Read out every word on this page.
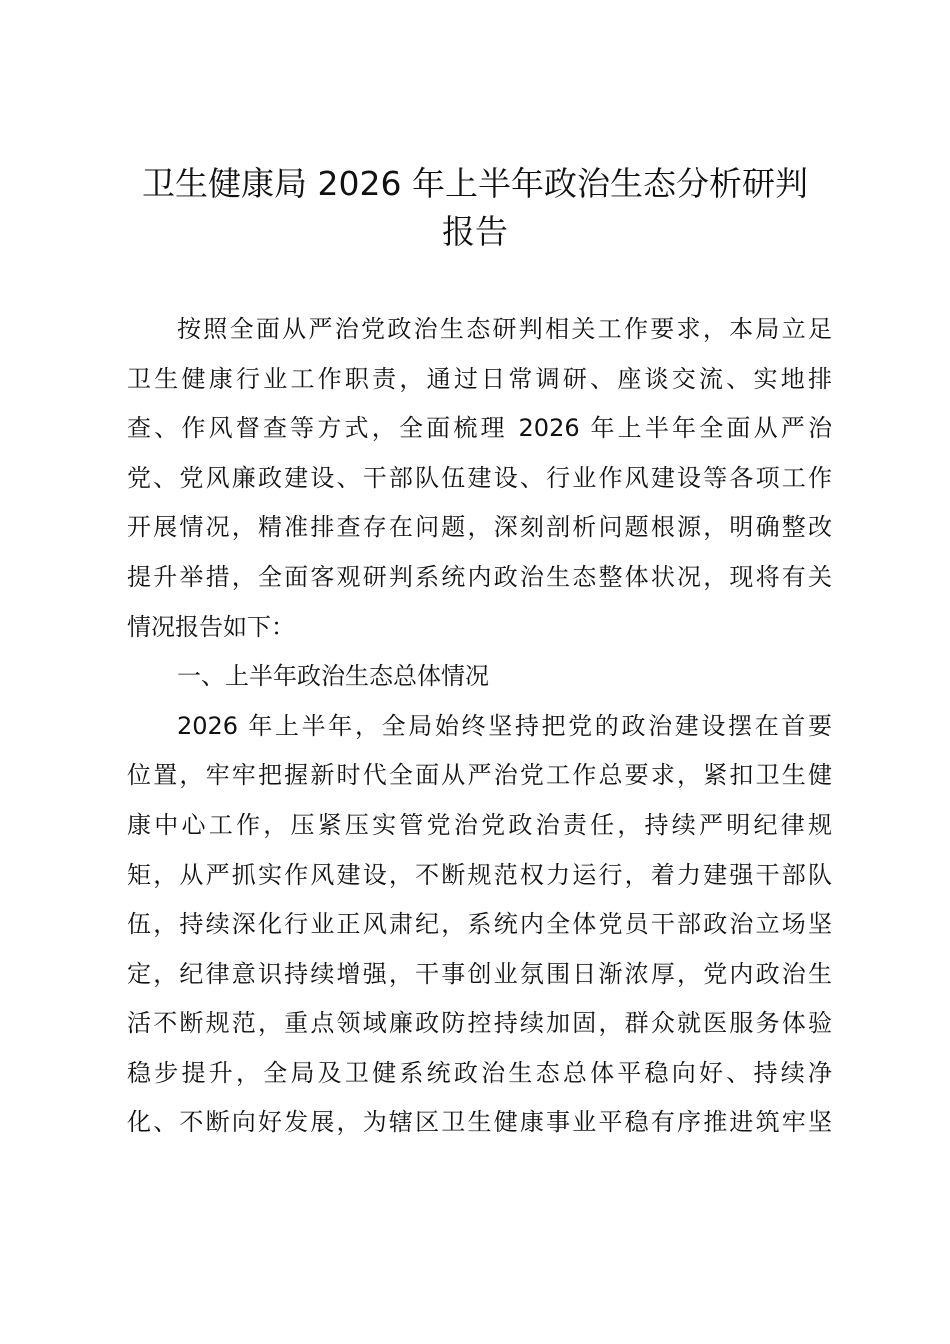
卫生健康局 2026 年上半年政治生态分析研判
报告
按照全面从严治党政治生态研判相关工作要求，本局立足
卫生健康行业工作职责，通过日常调研、座谈交流、实地排
查、作风督查等方式，全面梳理 2026 年上半年全面从严治
党、党风廉政建设、干部队伍建设、行业作风建设等各项工作
开展情况，精准排查存在问题，深刻剖析问题根源，明确整改
提升举措，全面客观研判系统内政治生态整体状况，现将有关
情况报告如下：
一、上半年政治生态总体情况
2026 年上半年，全局始终坚持把党的政治建设摆在首要
位置，牢牢把握新时代全面从严治党工作总要求，紧扣卫生健
康中心工作，压紧压实管党治党政治责任，持续严明纪律规
矩，从严抓实作风建设，不断规范权力运行，着力建强干部队
伍，持续深化行业正风肃纪，系统内全体党员干部政治立场坚
定，纪律意识持续增强，干事创业氛围日渐浓厚，党内政治生
活不断规范，重点领域廉政防控持续加固，群众就医服务体验
稳步提升，全局及卫健系统政治生态总体平稳向好、持续净
化、不断向好发展，为辖区卫生健康事业平稳有序推进筑牢坚
